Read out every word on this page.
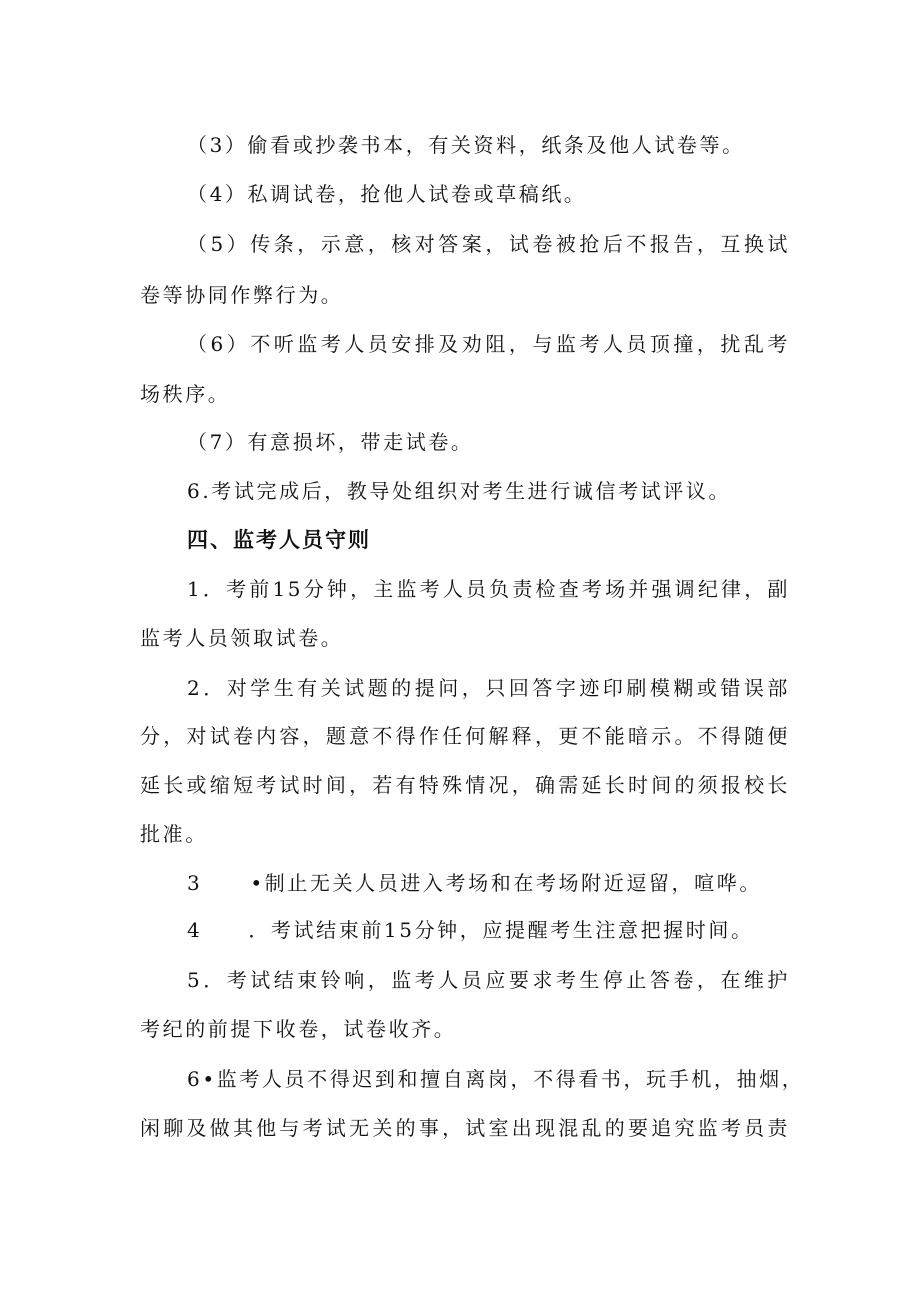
（3）偷看或抄袭书本，有关资料，纸条及他人试卷等。
（4）私调试卷，抢他人试卷或草稿纸。
（5）传条，示意，核对答案，试卷被抢后不报告，互换试
卷等协同作弊行为。
（6）不听监考人员安排及劝阻，与监考人员顶撞，扰乱考
场秩序。
（7）有意损坏，带走试卷。
6.考试完成后，教导处组织对考生进行诚信考试评议。
四、监考人员守则
1．考前15分钟，主监考人员负责检查考场并强调纪律，副
监考人员领取试卷。
2．对学生有关试题的提问，只回答字迹印刷模糊或错误部
分，对试卷内容，题意不得作任何解释，更不能暗示。不得随便
延长或缩短考试时间，若有特殊情况，确需延长时间的须报校长
批准。
3 •制止无关人员进入考场和在考场附近逗留，喧哗。
4 ．考试结束前15分钟，应提醒考生注意把握时间。
5．考试结束铃响，监考人员应要求考生停止答卷，在维护
考纪的前提下收卷，试卷收齐。
6•监考人员不得迟到和擅自离岗，不得看书，玩手机，抽烟，
闲聊及做其他与考试无关的事，试室出现混乱的要追究监考员责
